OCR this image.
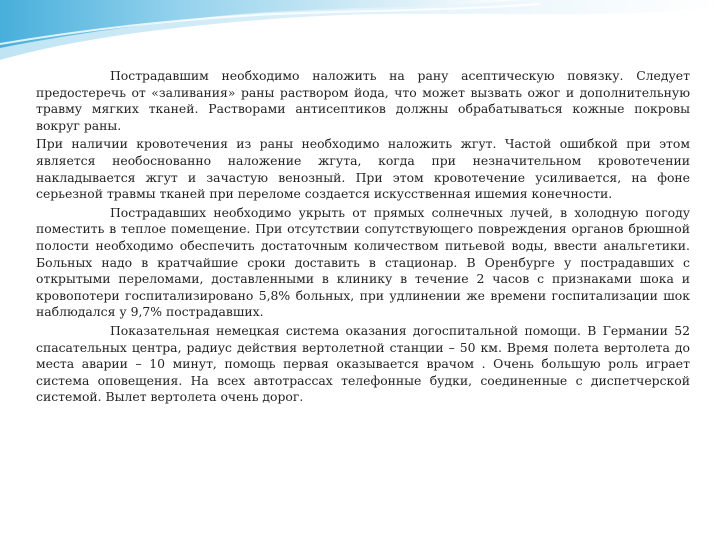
Пострадавшим необходимо наложить на рану асептическую повязку. Следует предостеречь от «заливания» раны раствором йода, что может вызвать ожог и дополнительную травму мягких тканей. Растворами антисептиков должны обрабатываться кожные покровы вокруг раны.

При наличии кровотечения из раны необходимо наложить жгут. Частой ошибкой при этом является необоснованно наложение жгута, когда при незначительном кровотечении накладывается жгут и зачастую венозный. При этом кровотечение усиливается, на фоне серьезной травмы тканей при переломе создается искусственная ишемия конечности.

Пострадавших необходимо укрыть от прямых солнечных лучей, в холодную погоду поместить в теплое помещение. При отсутствии сопутствующего повреждения органов брюшной полости необходимо обеспечить достаточным количеством питьевой воды, ввести анальгетики. Больных надо в кратчайшие сроки доставить в стационар. В Оренбурге у пострадавших с открытыми переломами, доставленными в клинику в течение 2 часов с признаками шока и кровопотери госпитализировано 5,8% больных, при удлинении же времени госпитализации шок наблюдался у 9,7% пострадавших.

Показательная немецкая система оказания догоспитальной помощи. В Германии 52 спасательных центра, радиус действия вертолетной станции – 50 км. Время полета вертолета до места аварии – 10 минут, помощь первая оказывается врачом . Очень большую роль играет система оповещения. На всех автотрассах телефонные будки, соединенные с диспетчерской системой. Вылет вертолета очень дорог.
